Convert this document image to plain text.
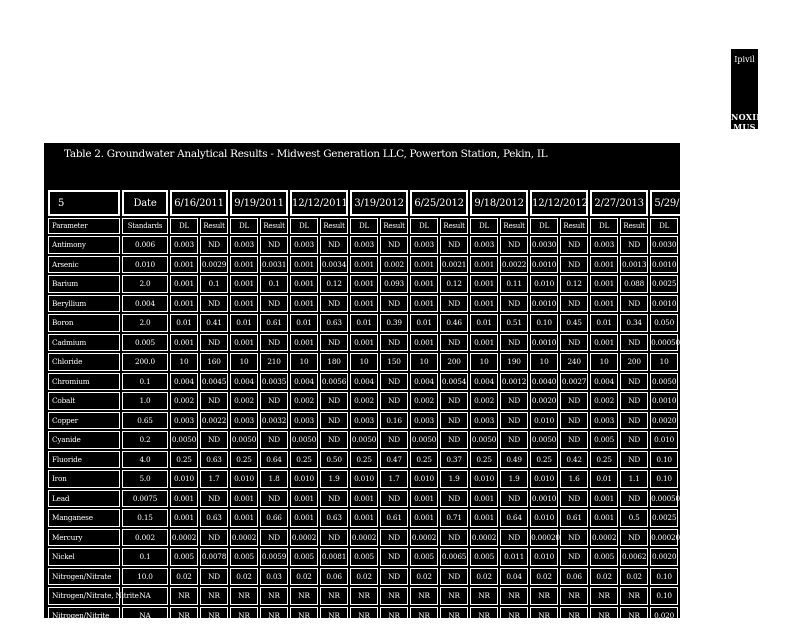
Ipivil
NOXIE MUS
Table 2. Groundwater Analytical Results - Midwest Generation LLC, Powerton Station, Pekin, IL
5	Date	6/16/2011		9/19/2011		12/12/2011		3/19/2012		6/25/2012		9/18/2012		12/12/2012		2/27/2013		5/29/2013	
Parameter	Standards	DL	Result	DL	Result	DL	Result	DL	Result	DL	Result	DL	Result	DL	Result	DL	Result	DL	Result
Antimony	0.006	0.003	ND	0.003	ND	0.003	ND	0.003	ND	0.003	ND	0.003	ND	0.0030	ND	0.003	ND	0.0030	ND
Arsenic	0.010	0.001	0.0029	0.001	0.0031	0.001	0.0034	0.001	0.002	0.001	0.0021	0.001	0.0022	0.0010	ND	0.001	0.0013	0.0010	0.0027
Barium	2.0	0.001	0.1	0.001	0.1	0.001	0.12	0.001	0.093	0.001	0.12	0.001	0.11	0.010	0.12	0.001	0.088	0.0025	0.12
Beryllium	0.004	0.001	ND	0.001	ND	0.001	ND	0.001	ND	0.001	ND	0.001	ND	0.0010	ND	0.001	ND	0.0010	ND
Boron	2.0	0.01	0.41	0.01	0.61	0.01	0.63	0.01	0.39	0.01	0.46	0.01	0.51	0.10	0.45	0.01	0.34	0.050	0.8
Cadmium	0.005	0.001	ND	0.001	ND	0.001	ND	0.001	ND	0.001	ND	0.001	ND	0.0010	ND	0.001	ND	0.00050	ND
Chloride	200.0	10	160	10	210	10	180	10	150	10	200	10	190	10	240	10	200	10	98
Chromium	0.1	0.004	0.0045	0.004	0.0035	0.004	0.0056	0.004	ND	0.004	0.0054	0.004	0.0012	0.0040	0.0027	0.004	ND	0.0050	ND
Cobalt	1.0	0.002	ND	0.002	ND	0.002	ND	0.002	ND	0.002	ND	0.002	ND	0.0020	ND	0.002	ND	0.0010	ND
Copper	0.65	0.003	0.0022	0.003	0.0032	0.003	ND	0.003	0.16	0.003	ND	0.003	ND	0.010	ND	0.003	ND	0.0020	ND
Cyanide	0.2	0.0050	ND	0.0050	ND	0.0050	ND	0.0050	ND	0.0050	ND	0.0050	ND	0.0050	ND	0.005	ND	0.010	ND
Fluoride	4.0	0.25	0.63	0.25	0.64	0.25	0.50	0.25	0.47	0.25	0.37	0.25	0.49	0.25	0.42	0.25	ND	0.10	0.36
Iron	5.0	0.010	1.7	0.010	1.8	0.010	1.9	0.010	1.7	0.010	1.9	0.010	1.9	0.010	1.6	0.01	1.1	0.10	1.8
Lead	0.0075	0.001	ND	0.001	ND	0.001	ND	0.001	ND	0.001	ND	0.001	ND	0.0010	ND	0.001	ND	0.00050	ND
Manganese	0.15	0.001	0.63	0.001	0.66	0.001	0.63	0.001	0.61	0.001	0.71	0.001	0.64	0.010	0.61	0.001	0.5	0.0025	0.7
Mercury	0.002	0.0002	ND	0.0002	ND	0.0002	ND	0.0002	ND	0.0002	ND	0.0002	ND	0.00020	ND	0.0002	ND	0.00020	ND
Nickel	0.1	0.005	0.0078	0.005	0.0059	0.005	0.0081	0.005	ND	0.005	0.0065	0.005	0.011	0.010	ND	0.005	0.0062	0.0020	ND
Nitrogen/Nitrate	10.0	0.02	ND	0.02	0.03	0.02	0.06	0.02	ND	0.02	ND	0.02	0.04	0.02	0.06	0.02	0.02	0.10	ND
Nitrogen/Nitrate, Nitrite	NA	NR	NR	NR	NR	NR	NR	NR	NR	NR	NR	NR	NR	NR	NR	NR	NR	0.10	ND
Nitrogen/Nitrite	NA	NR	NR	NR	NR	NR	NR	NR	NR	NR	NR	NR	NR	NR	NR	NR	NR	0.020	ND
